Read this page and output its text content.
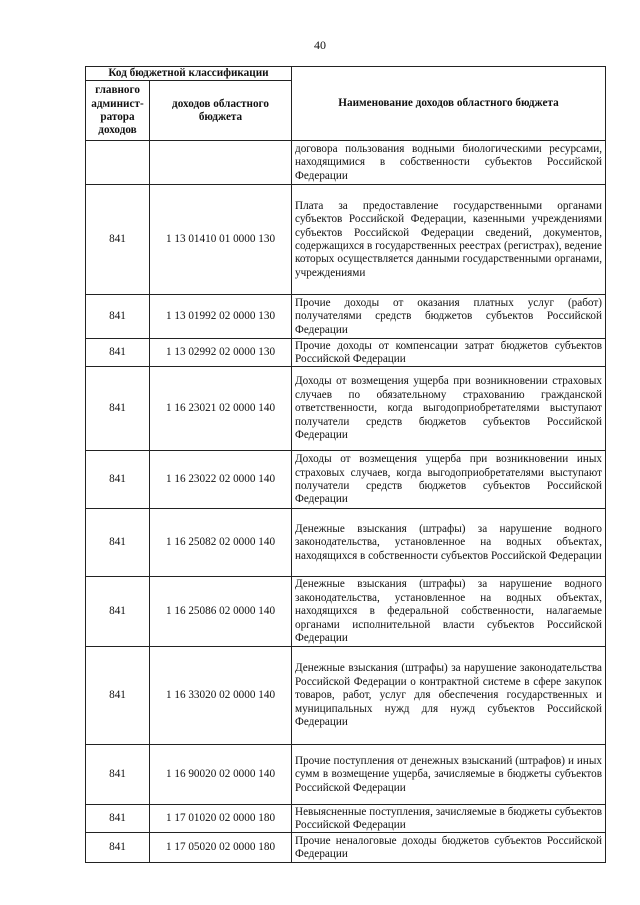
40
Код бюджетной классификации		Наименование доходов областного бюджета
главного админист-ратора доходов	доходов областного бюджета	
		договора пользования водными биологическими ресурсами, находящимися в собственности субъектов Российской Федерации
841	1 13 01410 01 0000 130	Плата за предоставление государственными органами субъектов Российской Федерации, казенными учреждениями субъектов Российской Федерации сведений, документов, содержащихся в государственных реестрах (регистрах), ведение которых осуществляется данными государственными органами, учреждениями
841	1 13 01992 02 0000 130	Прочие доходы от оказания платных услуг (работ) получателями средств бюджетов субъектов Российской Федерации
841	1 13 02992 02 0000 130	Прочие доходы от компенсации затрат бюджетов субъектов Российской Федерации
841	1 16 23021 02 0000 140	Доходы от возмещения ущерба при возникновении страховых случаев по обязательному страхованию гражданской ответственности, когда выгодоприобретателями выступают получатели средств бюджетов субъектов Российской Федерации
841	1 16 23022 02 0000 140	Доходы от возмещения ущерба при возникновении иных страховых случаев, когда выгодоприобретателями выступают получатели средств бюджетов субъектов Российской Федерации
841	1 16 25082 02 0000 140	Денежные взыскания (штрафы) за нарушение водного законодательства, установленное на водных объектах, находящихся в собственности субъектов Российской Федерации
841	1 16 25086 02 0000 140	Денежные взыскания (штрафы) за нарушение водного законодательства, установленное на водных объектах, находящихся в федеральной собственности, налагаемые органами исполнительной власти субъектов Российской Федерации
841	1 16 33020 02 0000 140	Денежные взыскания (штрафы) за нарушение законодательства Российской Федерации о контрактной системе в сфере закупок товаров, работ, услуг для обеспечения государственных и муниципальных нужд для нужд субъектов Российской Федерации
841	1 16 90020 02 0000 140	Прочие поступления от денежных взысканий (штрафов) и иных сумм в возмещение ущерба, зачисляемые в бюджеты субъектов Российской Федерации
841	1 17 01020 02 0000 180	Невыясненные поступления, зачисляемые в бюджеты субъектов Российской Федерации
841	1 17 05020 02 0000 180	Прочие неналоговые доходы бюджетов субъектов Российской Федерации
